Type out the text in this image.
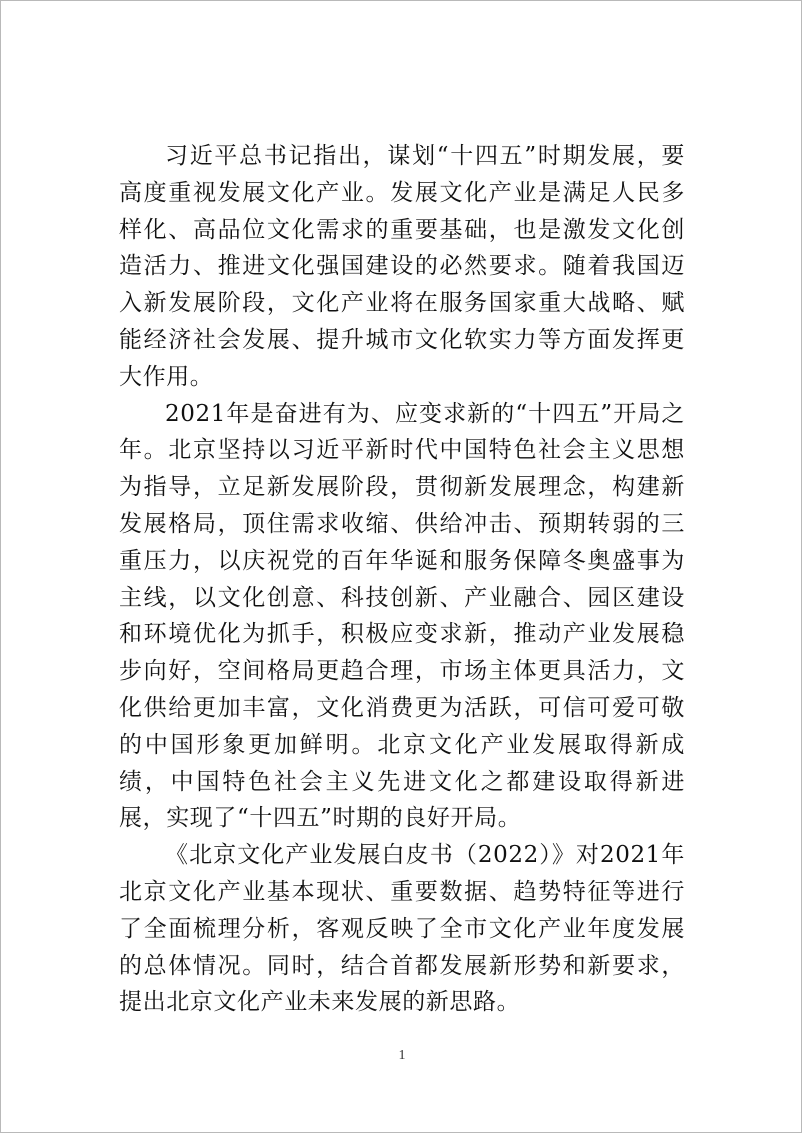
习近平总书记指出，谋划“十四五”时期发展，要高度重视发展文化产业。发展文化产业是满足人民多样化、高品位文化需求的重要基础，也是激发文化创造活力、推进文化强国建设的必然要求。随着我国迈入新发展阶段，文化产业将在服务国家重大战略、赋能经济社会发展、提升城市文化软实力等方面发挥更大作用。

2021年是奋进有为、应变求新的“十四五”开局之年。北京坚持以习近平新时代中国特色社会主义思想为指导，立足新发展阶段，贯彻新发展理念，构建新发展格局，顶住需求收缩、供给冲击、预期转弱的三重压力，以庆祝党的百年华诞和服务保障冬奥盛事为主线，以文化创意、科技创新、产业融合、园区建设和环境优化为抓手，积极应变求新，推动产业发展稳步向好，空间格局更趋合理，市场主体更具活力，文化供给更加丰富，文化消费更为活跃，可信可爱可敬的中国形象更加鲜明。北京文化产业发展取得新成绩，中国特色社会主义先进文化之都建设取得新进展，实现了“十四五”时期的良好开局。

《北京文化产业发展白皮书（2022）》对2021年北京文化产业基本现状、重要数据、趋势特征等进行了全面梳理分析，客观反映了全市文化产业年度发展的总体情况。同时，结合首都发展新形势和新要求，提出北京文化产业未来发展的新思路。

1
